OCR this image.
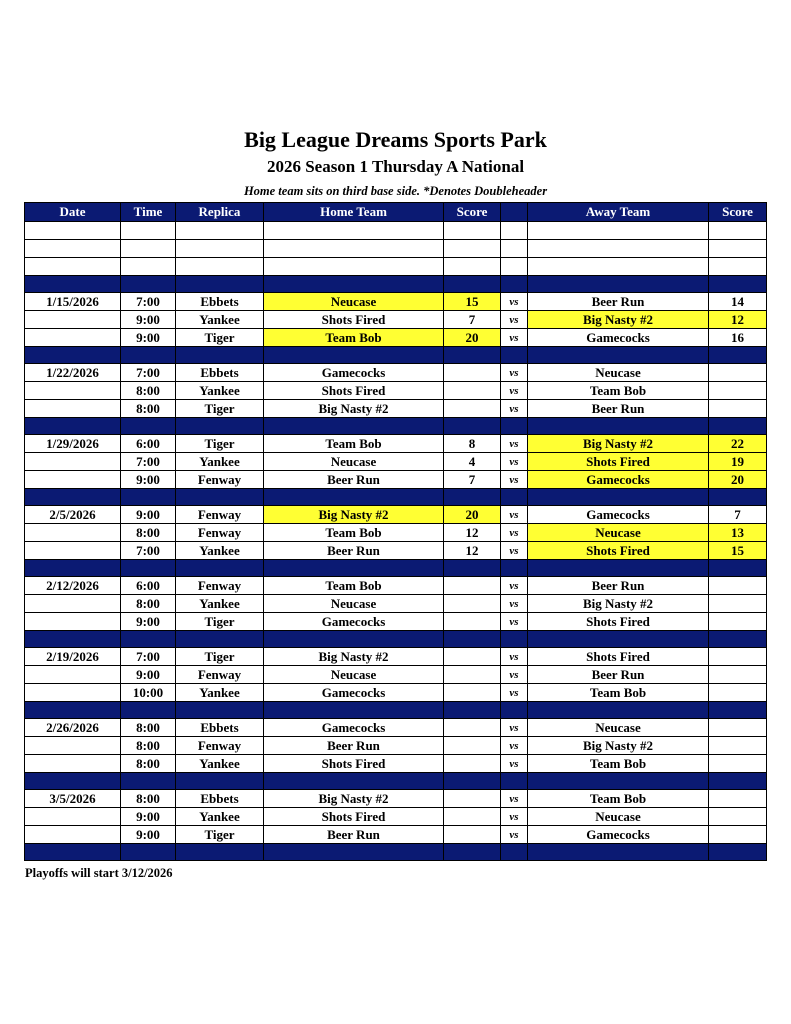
Big League Dreams Sports Park
2026 Season 1 Thursday A National
Home team sits on third base side. *Denotes Doubleheader
Date	Time	Replica	Home Team	Score		Away Team	Score

1/15/2026	7:00	Ebbets	Neucase	15	vs	Beer Run	14
	9:00	Yankee	Shots Fired	7	vs	Big Nasty #2	12
	9:00	Tiger	Team Bob	20	vs	Gamecocks	16

1/22/2026	7:00	Ebbets	Gamecocks		vs	Neucase	
	8:00	Yankee	Shots Fired		vs	Team Bob	
	8:00	Tiger	Big Nasty #2		vs	Beer Run	

1/29/2026	6:00	Tiger	Team Bob	8	vs	Big Nasty #2	22
	7:00	Yankee	Neucase	4	vs	Shots Fired	19
	9:00	Fenway	Beer Run	7	vs	Gamecocks	20

2/5/2026	9:00	Fenway	Big Nasty #2	20	vs	Gamecocks	7
	8:00	Fenway	Team Bob	12	vs	Neucase	13
	7:00	Yankee	Beer Run	12	vs	Shots Fired	15

2/12/2026	6:00	Fenway	Team Bob		vs	Beer Run	
	8:00	Yankee	Neucase		vs	Big Nasty #2	
	9:00	Tiger	Gamecocks		vs	Shots Fired	

2/19/2026	7:00	Tiger	Big Nasty #2		vs	Shots Fired	
	9:00	Fenway	Neucase		vs	Beer Run	
	10:00	Yankee	Gamecocks		vs	Team Bob	

2/26/2026	8:00	Ebbets	Gamecocks		vs	Neucase	
	8:00	Fenway	Beer Run		vs	Big Nasty #2	
	8:00	Yankee	Shots Fired		vs	Team Bob	

3/5/2026	8:00	Ebbets	Big Nasty #2		vs	Team Bob	
	9:00	Yankee	Shots Fired		vs	Neucase	
	9:00	Tiger	Beer Run		vs	Gamecocks	

Playoffs will start 3/12/2026
